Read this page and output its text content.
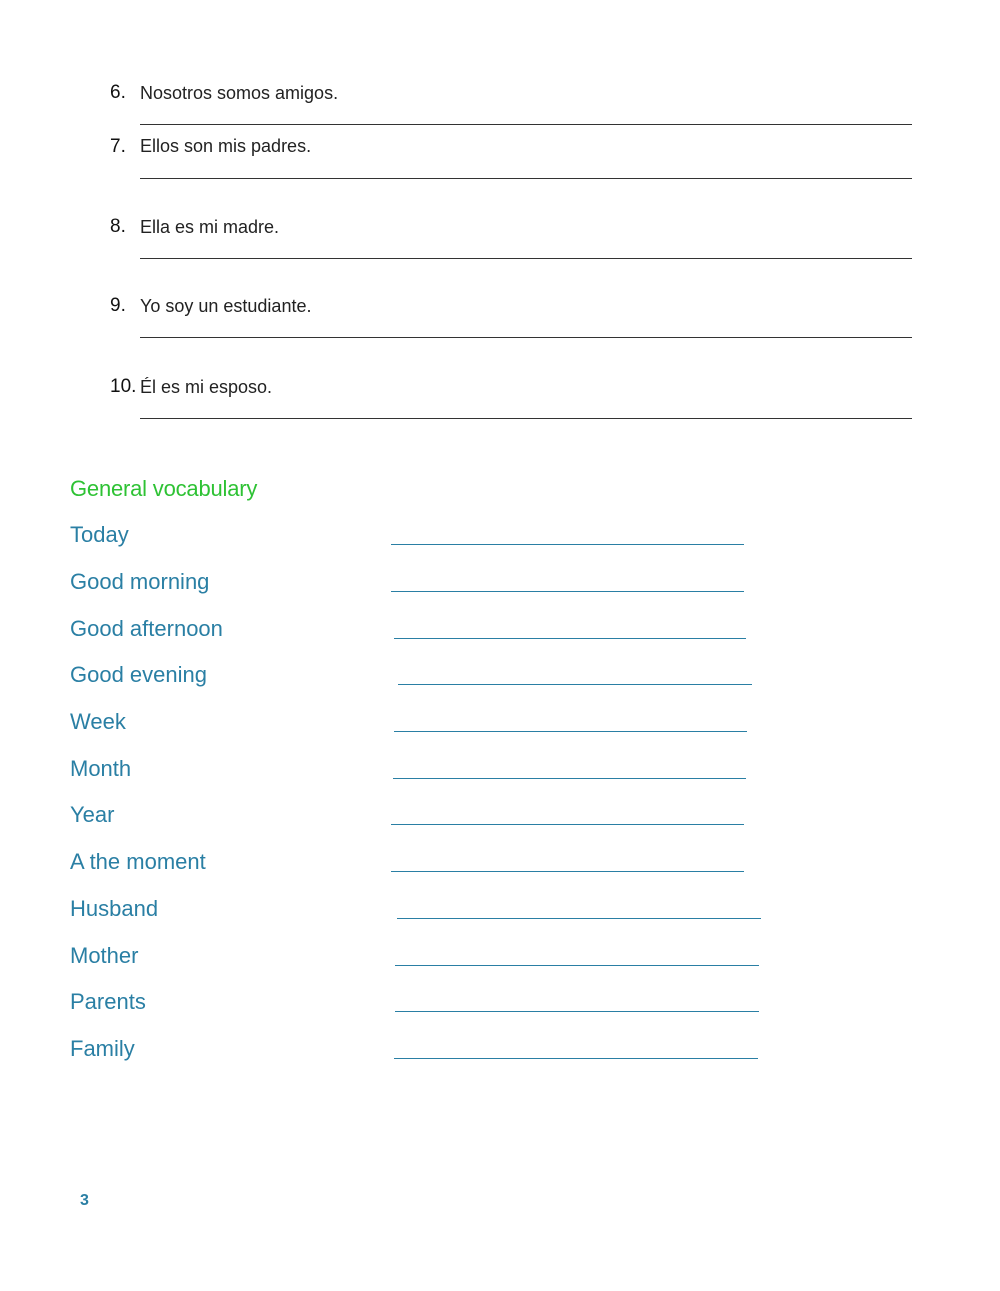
6. Nosotros somos amigos.
7. Ellos son mis padres.
8. Ella es mi madre.
9. Yo soy un estudiante.
10. Él es mi esposo.
General vocabulary
Today
Good morning
Good afternoon
Good evening
Week
Month
Year
A the moment
Husband
Mother
Parents
Family
3
